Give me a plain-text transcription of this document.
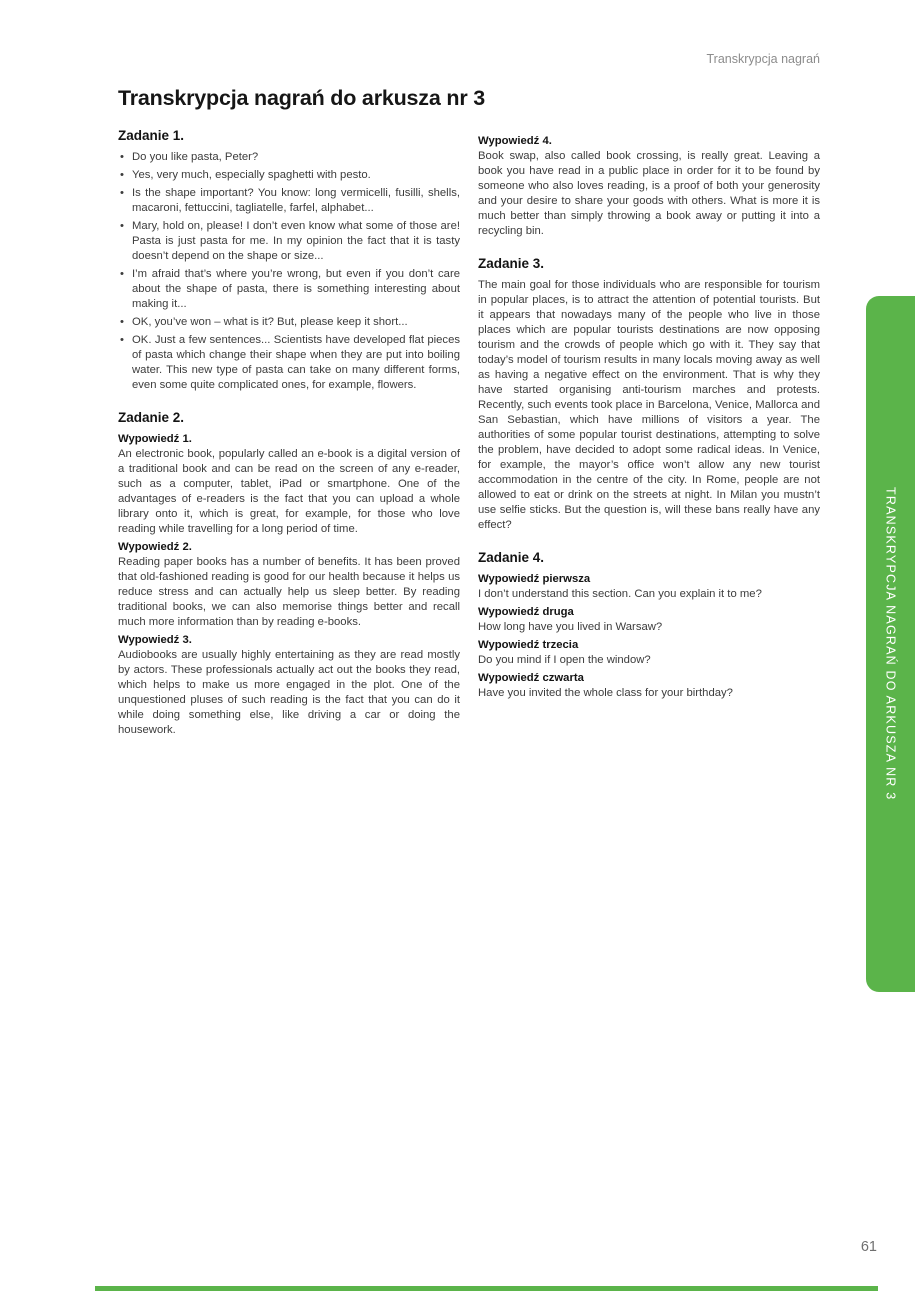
Transkrypcja nagrań
Transkrypcja nagrań do arkusza nr 3
Zadanie 1.
• Do you like pasta, Peter?
• Yes, very much, especially spaghetti with pesto.
• Is the shape important? You know: long vermicelli, fusilli, shells, macaroni, fettuccini, tagliatelle, farfel, alphabet...
• Mary, hold on, please! I don’t even know what some of those are! Pasta is just pasta for me. In my opinion the fact that it is tasty doesn’t depend on the shape or size...
• I’m afraid that’s where you’re wrong, but even if you don’t care about the shape of pasta, there is something interesting about making it...
• OK, you’ve won – what is it? But, please keep it short...
• OK. Just a few sentences... Scientists have developed flat pieces of pasta which change their shape when they are put into boiling water. This new type of pasta can take on many different forms, even some quite complicated ones, for example, flowers.
Zadanie 2.

Wypowiedź 1.

An electronic book, popularly called an e-book is a digital version of a traditional book and can be read on the screen of any e-reader, such as a computer, tablet, iPad or smartphone. One of the advantages of e-readers is the fact that you can upload a whole library onto it, which is great, for example, for those who love reading while travelling for a long period of time.

Wypowiedź 2.

Reading paper books has a number of benefits. It has been proved that old-fashioned reading is good for our health because it helps us reduce stress and can actually help us sleep better. By reading traditional books, we can also memorise things better and recall much more information than by reading e-books.

Wypowiedź 3.

Audiobooks are usually highly entertaining as they are read mostly by actors. These professionals actually act out the books they read, which helps to make us more engaged in the plot. One of the unquestioned pluses of such reading is the fact that you can do it while doing something else, like driving a car or doing the housework.

Wypowiedź 4.

Book swap, also called book crossing, is really great. Leaving a book you have read in a public place in order for it to be found by someone who also loves reading, is a proof of both your generosity and your desire to share your goods with others. What is more it is much better than simply throwing a book away or putting it into a recycling bin.

Zadanie 3.

The main goal for those individuals who are responsible for tourism in popular places, is to attract the attention of potential tourists. But it appears that nowadays many of the people who live in those places which are popular tourists destinations are now opposing tourism and the crowds of people which go with it. They say that today’s model of tourism results in many locals moving away as well as having a negative effect on the environment. That is why they have started organising anti-tourism marches and protests. Recently, such events took place in Barcelona, Venice, Mallorca and San Sebastian, which have millions of visitors a year. The authorities of some popular tourist destinations, attempting to solve the problem, have decided to adopt some radical ideas. In Venice, for example, the mayor’s office won’t allow any new tourist accommodation in the centre of the city. In Rome, people are not allowed to eat or drink on the streets at night. In Milan you mustn’t use selfie sticks. But the question is, will these bans really have any effect?

Zadanie 4.

Wypowiedź pierwsza

I don’t understand this section. Can you explain it to me?

Wypowiedź druga

How long have you lived in Warsaw?

Wypowiedź trzecia

Do you mind if I open the window?

Wypowiedź czwarta

Have you invited the whole class for your birthday?	TRANSKRYPCJA NAGRAŃ DO ARKUSZA NR 3
61
